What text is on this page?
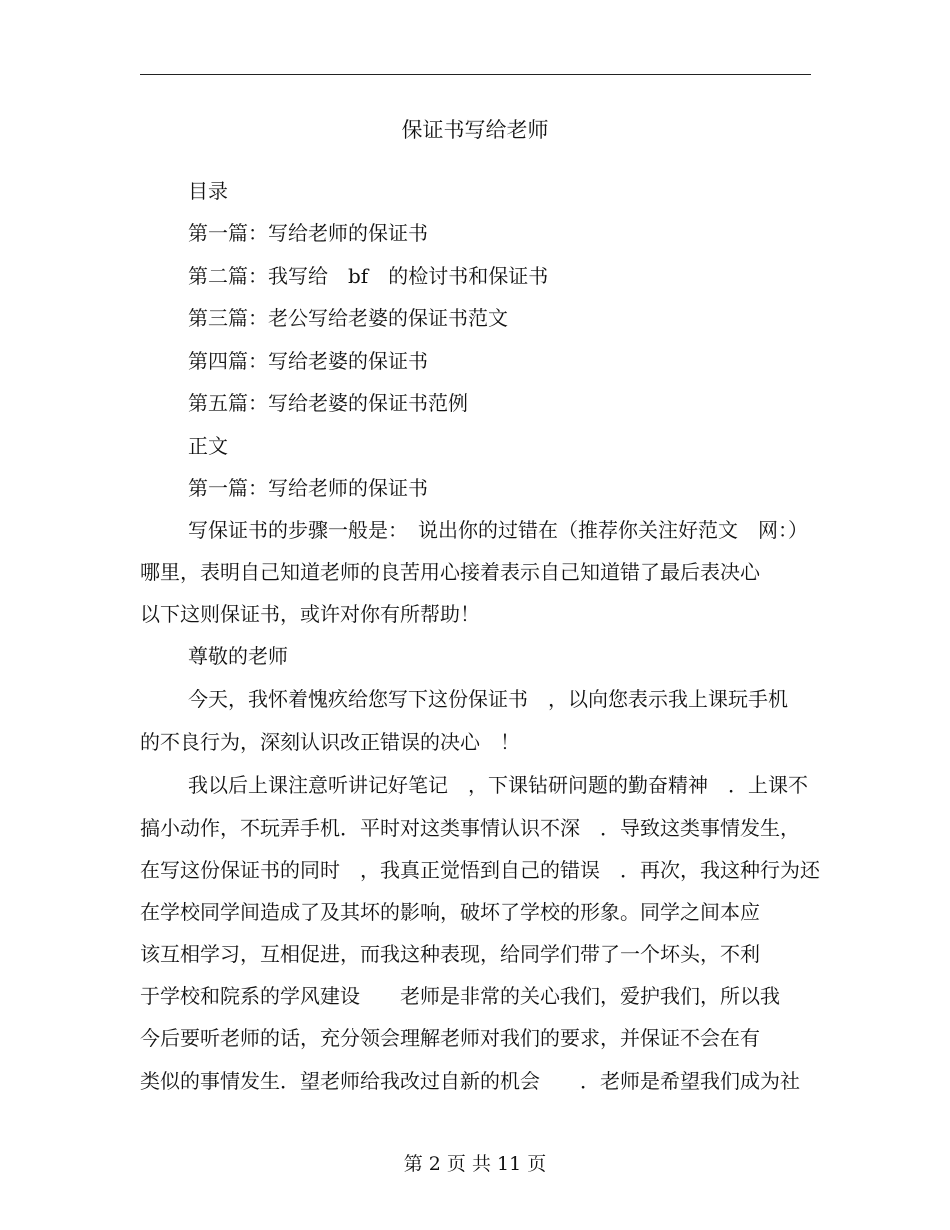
保证书写给老师
目录
第一篇：写给老师的保证书
第二篇：我写给　bf　的检讨书和保证书
第三篇：老公写给老婆的保证书范文
第四篇：写给老婆的保证书
第五篇：写给老婆的保证书范例
正文
第一篇：写给老师的保证书
写保证书的步骤一般是：　说出你的过错在（推荐你关注好范文　网：）
哪里，表明自己知道老师的良苦用心接着表示自己知道错了最后表决心
以下这则保证书，或许对你有所帮助！
尊敬的老师
今天，我怀着愧疚给您写下这份保证书　，以向您表示我上课玩手机
的不良行为，深刻认识改正错误的决心　！
我以后上课注意听讲记好笔记　，下课钻研问题的勤奋精神　．上课不
搞小动作，不玩弄手机．平时对这类事情认识不深　．导致这类事情发生，
在写这份保证书的同时　，我真正觉悟到自己的错误　．再次，我这种行为还
在学校同学间造成了及其坏的影响，破坏了学校的形象。同学之间本应
该互相学习，互相促进，而我这种表现，给同学们带了一个坏头，不利
于学校和院系的学风建设　　老师是非常的关心我们，爱护我们，所以我
今后要听老师的话，充分领会理解老师对我们的要求，并保证不会在有
类似的事情发生．望老师给我改过自新的机会　　．老师是希望我们成为社
第 2 页 共 11 页
